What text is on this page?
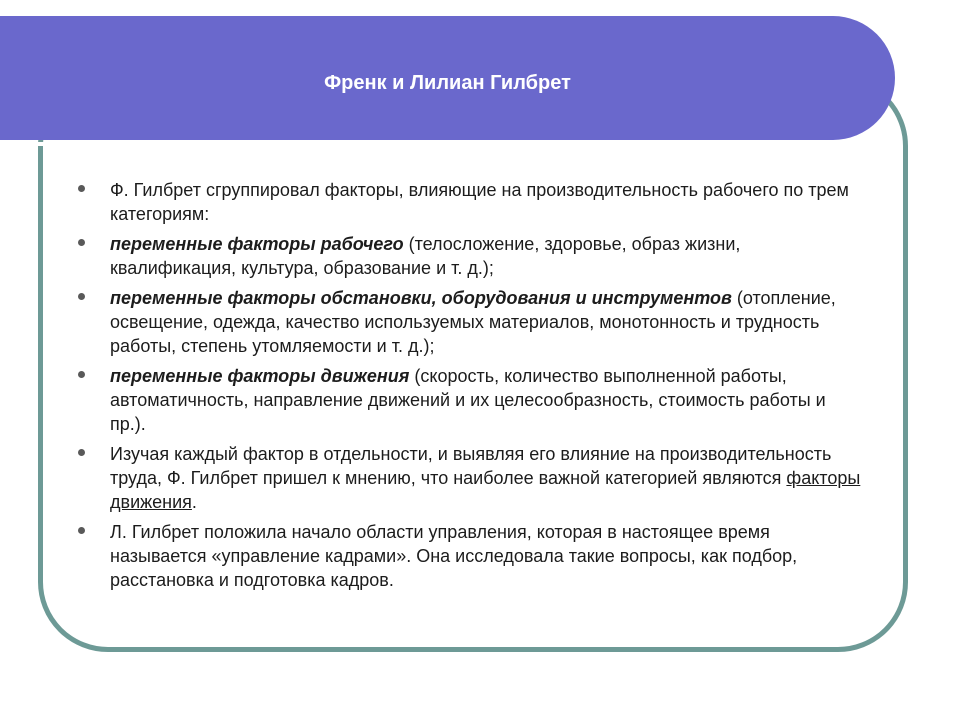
Френк и Лилиан Гилбрет
Ф. Гилбрет сгруппировал факторы, влияющие на производительность рабочего по трем категориям:
переменные факторы рабочего (телосложение, здоровье, образ жизни, квалификация, культура, образование и т. д.);
переменные факторы обстановки, оборудования и инструментов (отопление, освещение, одежда, качество используемых материалов, монотонность и трудность работы, степень утомляемости и т. д.);
переменные факторы движения (скорость, количество выполненной работы, автоматичность, направление движений и их целесообразность, стоимость работы и пр.).
Изучая каждый фактор в отдельности, и выявляя его влияние на производительность труда, Ф. Гилбрет пришел к мнению, что наиболее важной категорией являются факторы движения.
Л. Гилбрет положила начало области управления, которая в настоящее время называется «управление кадрами». Она исследовала такие вопросы, как подбор, расстановка и подготовка кадров.
